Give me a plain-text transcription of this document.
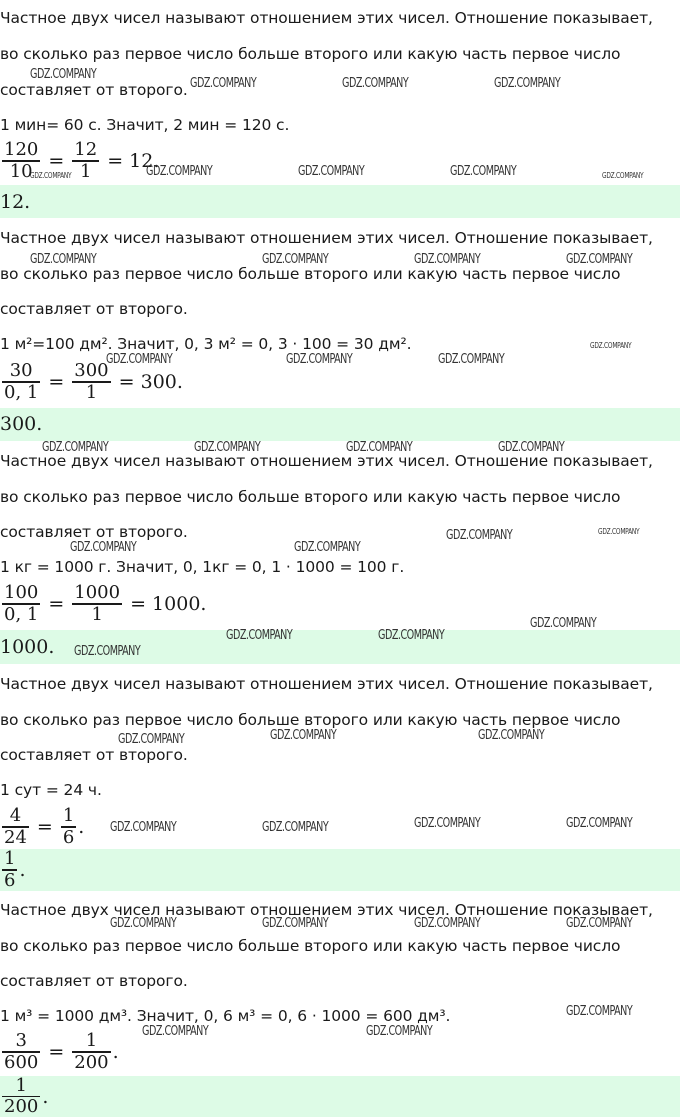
Частное двух чисел называют отношением этих чисел. Отношение показывает,
во сколько раз первое число больше второго или какую часть первое число
составляет от второго.
1 мин= 60 с. Значит, 2 мин = 120 с.
$\frac{120}{10} = \frac{12}{1} = 12$.
12.
Частное двух чисел называют отношением этих чисел. Отношение показывает,
во сколько раз первое число больше второго или какую часть первое число
составляет от второго.
1 м²=100 дм². Значит, 0, 3 м² = 0, 3 · 100 = 30 дм².
$\frac{30}{0, 1} = \frac{300}{1} = 300$.
300.
Частное двух чисел называют отношением этих чисел. Отношение показывает,
во сколько раз первое число больше второго или какую часть первое число
составляет от второго.
1 кг = 1000 г. Значит, 0, 1кг = 0, 1 · 1000 = 100 г.
$\frac{100}{0, 1} = \frac{1000}{1} = 1000$.
1000.
Частное двух чисел называют отношением этих чисел. Отношение показывает,
во сколько раз первое число больше второго или какую часть первое число
составляет от второго.
1 сут = 24 ч.
$\frac{4}{24} = \frac{1}{6}$ .
$\frac{1}{6}$ .
Частное двух чисел называют отношением этих чисел. Отношение показывает,
во сколько раз первое число больше второго или какую часть первое число
составляет от второго.
1 м³ = 1000 дм³. Значит, 0, 6 м³ = 0, 6 · 1000 = 600 дм³.
$\frac{3}{600} = \frac{1}{200}$ .
$\frac{1}{200}$ .
GDZ.COMPANY
GDZ.COMPANY	GDZ.COMPANY	GDZ.COMPANY
GDZ.COMPANY	GDZ.COMPANY	GDZ.COMPANY	GDZ.COMPANY	GDZ.COMPANY
GDZ.COMPANY	GDZ.COMPANY	GDZ.COMPANY	GDZ.COMPANY
GDZ.COMPANY
GDZ.COMPANY	GDZ.COMPANY	GDZ.COMPANY
GDZ.COMPANY	GDZ.COMPANY	GDZ.COMPANY	GDZ.COMPANY
GDZ.COMPANY	GDZ.COMPANY
GDZ.COMPANY	GDZ.COMPANY
GDZ.COMPANY
GDZ.COMPANY	GDZ.COMPANY
GDZ.COMPANY
GDZ.COMPANY	GDZ.COMPANY
GDZ.COMPANY
GDZ.COMPANY	GDZ.COMPANY
GDZ.COMPANY	GDZ.COMPANY
GDZ.COMPANY	GDZ.COMPANY	GDZ.COMPANY	GDZ.COMPANY
GDZ.COMPANY
GDZ.COMPANY	GDZ.COMPANY
